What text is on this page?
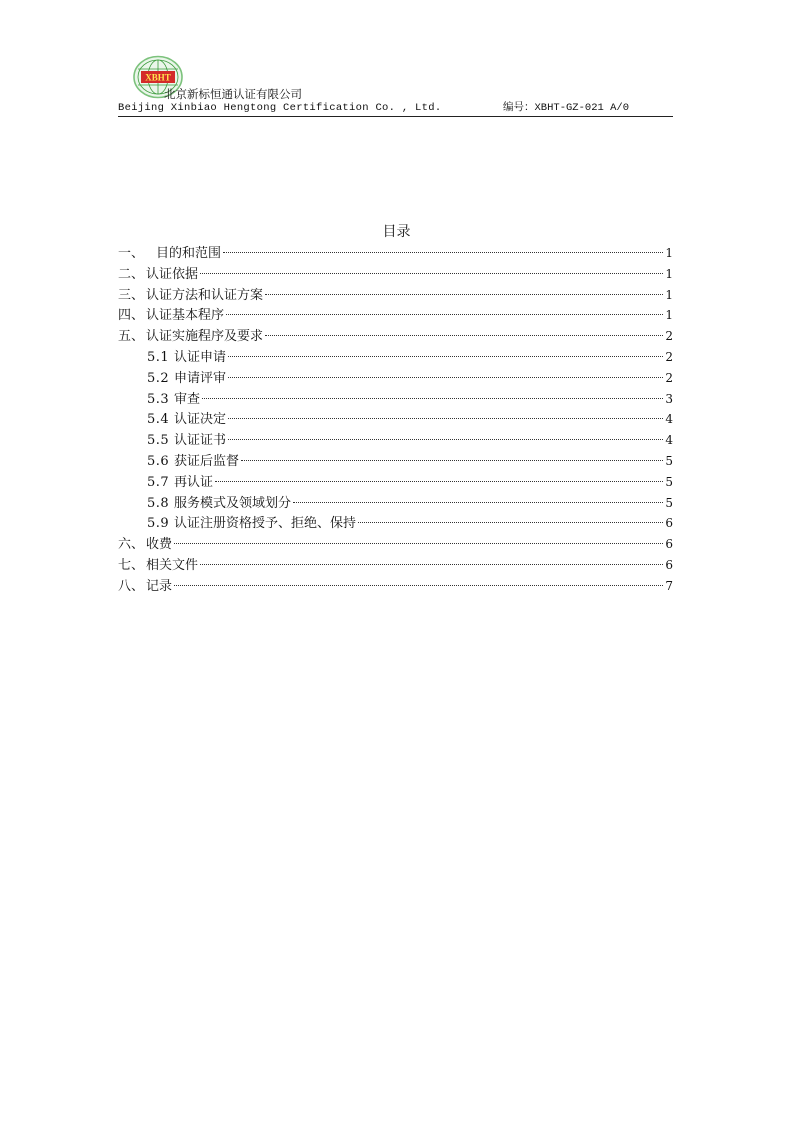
XBHT
北京新标恒通认证有限公司
Beijing Xinbiao Hengtong Certification Co. , Ltd.	编号：XBHT-GZ-021 A/0
目录
一、 目的和范围	1
二、 认证依据	1
三、 认证方法和认证方案	1
四、 认证基本程序	1
五、 认证实施程序及要求	2
5.1 认证申请	2
5.2 申请评审	2
5.3 审查	3
5.4 认证决定	4
5.5 认证证书	4
5.6 获证后监督	5
5.7 再认证	5
5.8 服务模式及领域划分	5
5.9 认证注册资格授予、拒绝、保持	6
六、 收费	6
七、 相关文件	6
八、 记录	7
